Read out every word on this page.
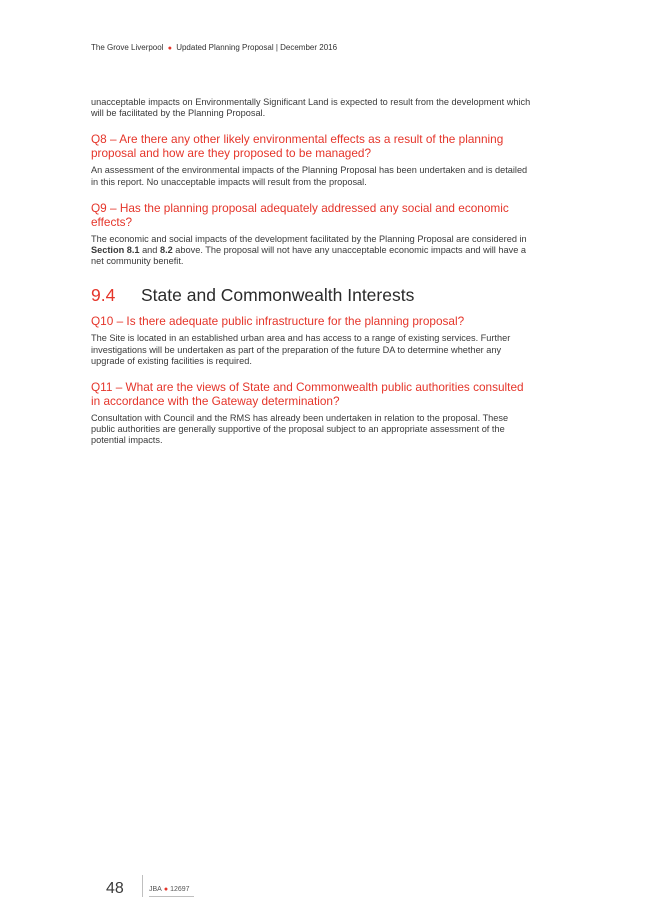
The Grove Liverpool ● Updated Planning Proposal | December 2016

unacceptable impacts on Environmentally Significant Land is expected to result from the development which will be facilitated by the Planning Proposal.

Q8 – Are there any other likely environmental effects as a result of the planning proposal and how are they proposed to be managed?

An assessment of the environmental impacts of the Planning Proposal has been undertaken and is detailed in this report. No unacceptable impacts will result from the proposal.

Q9 – Has the planning proposal adequately addressed any social and economic effects?

The economic and social impacts of the development facilitated by the Planning Proposal are considered in Section 8.1 and 8.2 above. The proposal will not have any unacceptable economic impacts and will have a net community benefit.

9.4 State and Commonwealth Interests
Q10 – Is there adequate public infrastructure for the planning proposal?

The Site is located in an established urban area and has access to a range of existing services. Further investigations will be undertaken as part of the preparation of the future DA to determine whether any upgrade of existing facilities is required.

Q11 – What are the views of State and Commonwealth public authorities consulted in accordance with the Gateway determination?

Consultation with Council and the RMS has already been undertaken in relation to the proposal. These public authorities are generally supportive of the proposal subject to an appropriate assessment of the potential impacts.

48	JBA ● 12697
